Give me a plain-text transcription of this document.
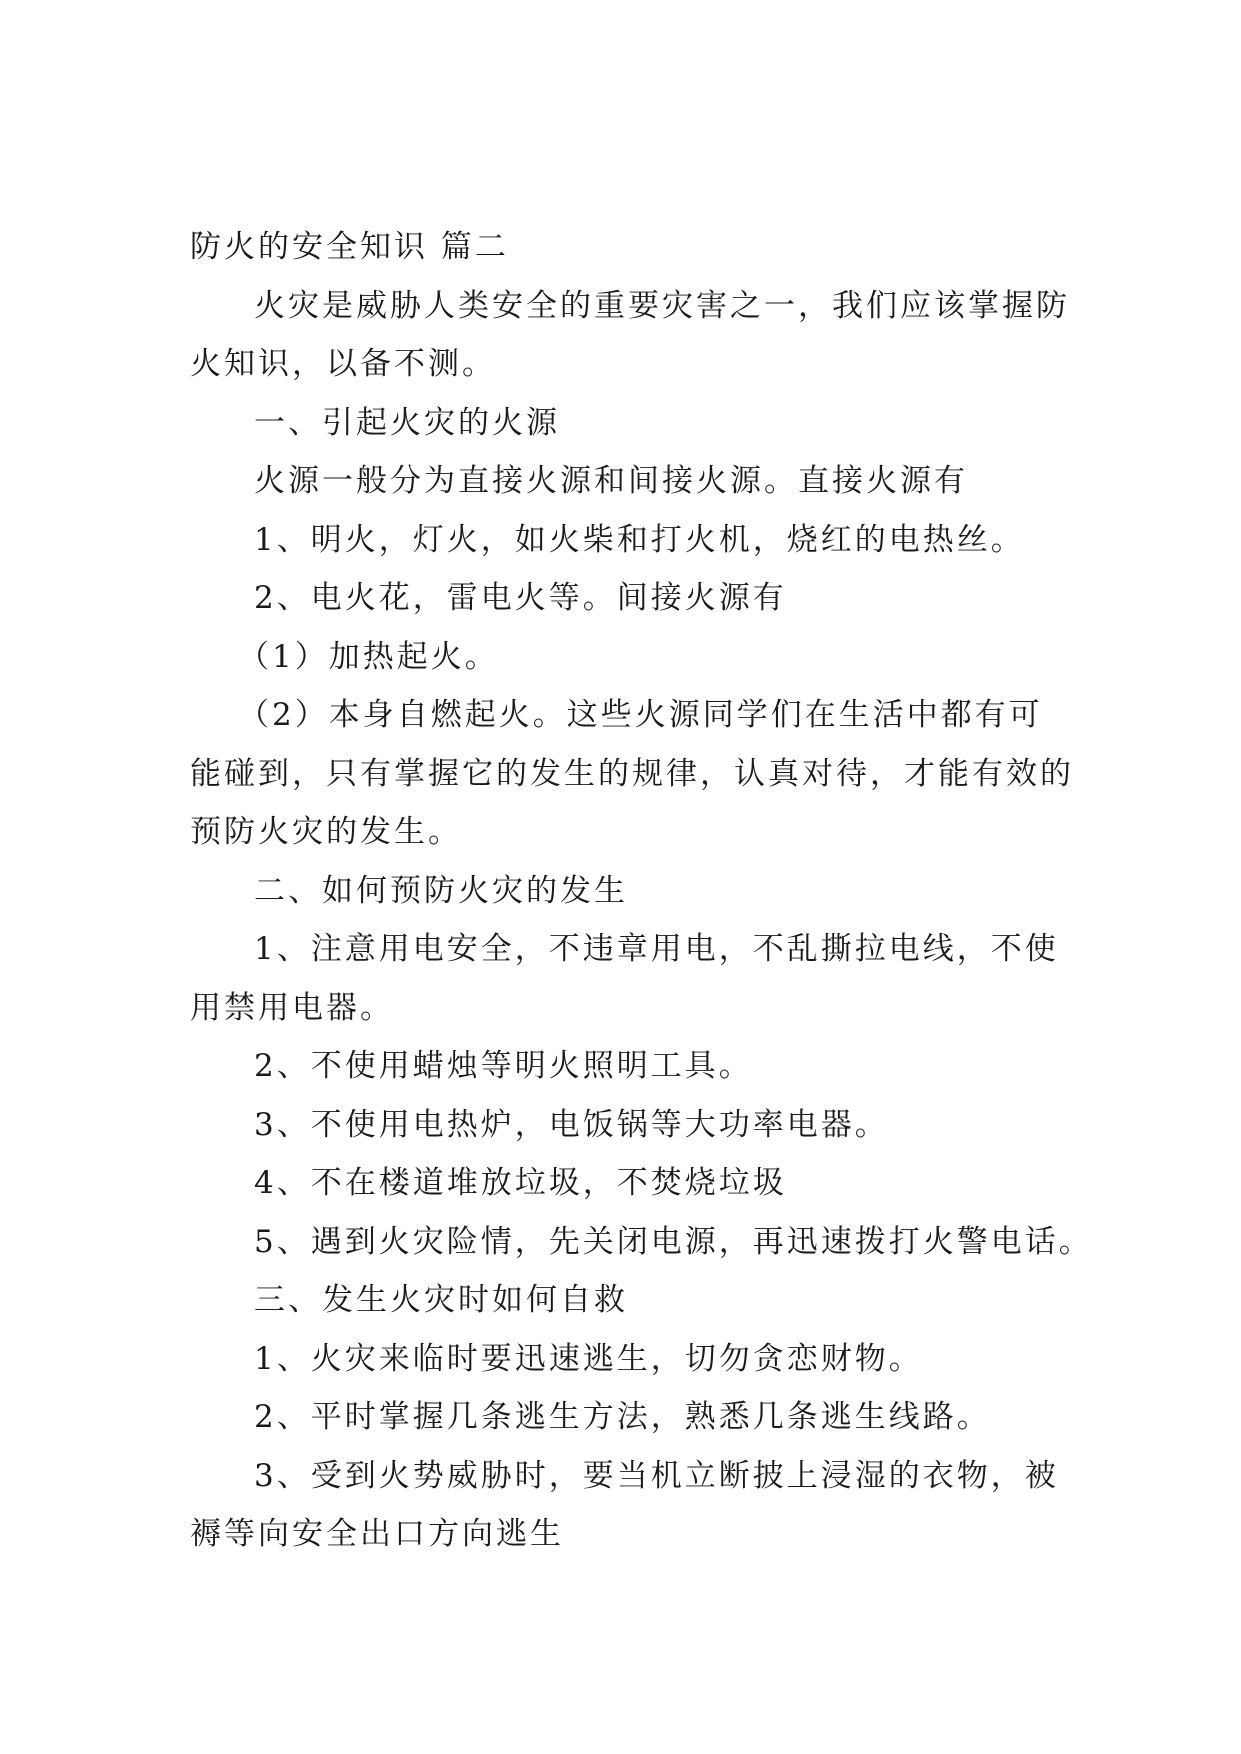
防火的安全知识 篇二

火灾是威胁人类安全的重要灾害之一，我们应该掌握防

火知识，以备不测。

一、引起火灾的火源

火源一般分为直接火源和间接火源。直接火源有

1、明火，灯火，如火柴和打火机，烧红的电热丝。

2、电火花，雷电火等。间接火源有

（1）加热起火。

（2）本身自燃起火。这些火源同学们在生活中都有可

能碰到，只有掌握它的发生的规律，认真对待，才能有效的

预防火灾的发生。

二、如何预防火灾的发生

1、注意用电安全，不违章用电，不乱撕拉电线，不使

用禁用电器。

2、不使用蜡烛等明火照明工具。

3、不使用电热炉，电饭锅等大功率电器。

4、不在楼道堆放垃圾，不焚烧垃圾

5、遇到火灾险情，先关闭电源，再迅速拨打火警电话。

三、发生火灾时如何自救

1、火灾来临时要迅速逃生，切勿贪恋财物。

2、平时掌握几条逃生方法，熟悉几条逃生线路。

3、受到火势威胁时，要当机立断披上浸湿的衣物，被

褥等向安全出口方向逃生
